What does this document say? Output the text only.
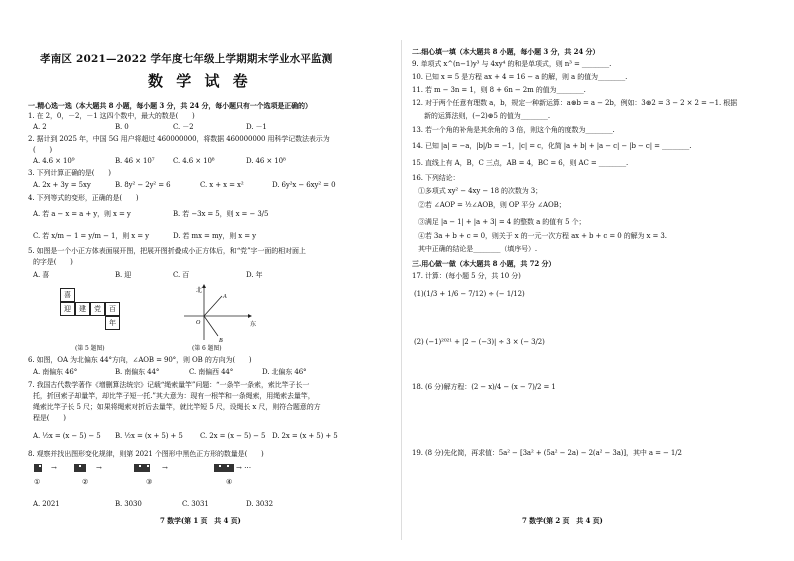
孝南区 2021—2022 学年度七年级上学期期末学业水平监测
数 学 试 卷
一.精心选一选（本大题共 8 小题，每小题 3 分，共 24 分，每小题只有一个选项是正确的）
1. 在 2，0，－2，－1 这四个数中，最大的数是(　　)
A. 2	B. 0	C. －2	D. －1
2. 据计到 2025 年，中国 5G 用户将超过 460000000，将数据 460000000 用科学记数法表示为
(　　)
A. 4.6 × 10⁹	B. 46 × 10⁷	C. 4.6 × 10⁸	D. 46 × 10⁸
3. 下列计算正确的是(　　)
A. 2x + 3y = 5xy	B. 8y² − 2y² = 6	C. x + x = x²	D. 6y²x − 6xy² = 0
4. 下列等式的变形，正确的是(　　)
A. 若 a − x = a + y，则 x = y	B. 若 −3x = 5，则 x = − 3/5
C. 若 x/m − 1 = y/m − 1，则 x = y	D. 若 mx = my，则 x = y
5. 如图是一个小正方体表面展开图，把展开图折叠成小正方体后，和“党”字一面的相对面上
的字是(　　)
A. 喜	B. 迎	C. 百	D. 年
喜
迎	建	党	百
年
(第 5 题图)
北
东
A
B
O
(第 6 题图)
6. 如图，OA 为北偏东 44°方向，∠AOB = 90°，则 OB 的方向为(　　)
A. 南偏东 46°	B. 南偏东 44°	C. 南偏西 44°	D. 北偏东 46°
7. 我国古代数学著作《增删算法统宗》记载“绳索量竿”问题：“一条竿一条索，索比竿子长一
托，折回索子却量竿，却比竿子短一托.”其大意为：现有一根竿和一条绳索，用绳索去量竿，
绳索比竿子长 5 尺；如果将绳索对折后去量竿，就比竿短 5 尺，设绳长 x 尺，则符合题意的方
程是(　　)
A. ½x = (x − 5) − 5 B. ½x = (x + 5) + 5 C. 2x = (x − 5) − 5 D. 2x = (x + 5) + 5
8. 观察并找出图形变化规律，则第 2021 个图形中黑色正方形的数量是(　　)
→	→	→	→ ⋯
①	②	③	④
A. 2021	B. 3030	C. 3031	D. 3032
7 数学(第 1 页　共 4 页)
二.细心填一填（本大题共 8 小题，每小题 3 分，共 24 分）
9. 单项式 x^(n−1)y³ 与 4xy⁴ 的和是单项式，则 n³ = ________.
10. 已知 x = 5 是方程 ax + 4 = 16 − a 的解，则 a 的值为________.
11. 若 m − 3n = 1，则 8 + 6n − 2m 的值为________.
12. 对于两个任意有理数 a，b，规定一种新运算：a⊛b = a − 2b，例如：3⊛2 = 3 − 2 × 2 = −1. 根据
新的运算法则，(−2)⊛5 的值为________.
13. 若一个角的补角是其余角的 3 倍，则这个角的度数为________.
14. 已知 |a| = −a，|b|/b = −1，|c| = c，化简 |a + b| + |a − c| − |b − c| = ________.
15. 直线上有 A，B，C 三点，AB = 4，BC = 6，则 AC = ________.
16. 下列结论：
①多项式 xy² − 4xy − 18 的次数为 3；
②若 ∠AOP = ½∠AOB，则 OP 平分 ∠AOB；
③满足 |a − 1| + |a + 3| = 4 的整数 a 的值有 5 个；
④若 3a + b + c = 0，则关于 x 的一元一次方程 ax + b + c = 0 的解为 x = 3.
其中正确的结论是________（填序号）.
三.用心做一做（本大题共 8 小题，共 72 分）
17. 计算：(每小题 5 分，共 10 分)
(1)(1/3 + 1/6 − 7/12) ÷ (− 1/12)
(2) (−1)²⁰²¹ + |2 − (−3)| ÷ 3 × (− 3/2)
18. (6 分)解方程：(2 − x)/4 − (x − 7)/2 = 1
19. (8 分)先化简，再求值：5a² − [3a² + (5a² − 2a) − 2(a² − 3a)]，其中 a = − 1/2
7 数学(第 2 页　共 4 页)
